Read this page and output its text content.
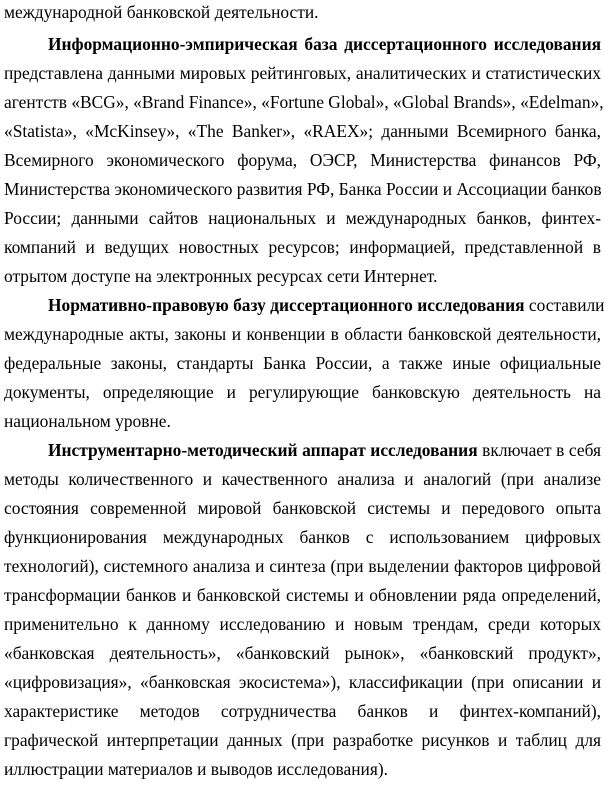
международной банковской деятельности.
Информационно-эмпирическая база диссертационного исследования
представлена данными мировых рейтинговых, аналитических и статистических
агентств «BCG», «Brand Finance», «Fortune Global», «Global Brands», «Edelman»,
«Statista», «McKinsey», «The Banker», «RAEX»; данными Всемирного банка,
Всемирного экономического форума, ОЭСР, Министерства финансов РФ,
Министерства экономического развития РФ, Банка России и Ассоциации банков
России; данными сайтов национальных и международных банков, финтех-
компаний и ведущих новостных ресурсов; информацией, представленной в
отрытом доступе на электронных ресурсах сети Интернет.
Нормативно-правовую базу диссертационного исследования составили
международные акты, законы и конвенции в области банковской деятельности,
федеральные законы, стандарты Банка России, а также иные официальные
документы, определяющие и регулирующие банковскую деятельность на
национальном уровне.
Инструментарно-методический аппарат исследования включает в себя
методы количественного и качественного анализа и аналогий (при анализе
состояния современной мировой банковской системы и передового опыта
функционирования международных банков с использованием цифровых
технологий), системного анализа и синтеза (при выделении факторов цифровой
трансформации банков и банковской системы и обновлении ряда определений,
применительно к данному исследованию и новым трендам, среди которых
«банковская деятельность», «банковский рынок», «банковский продукт»,
«цифровизация», «банковская экосистема»), классификации (при описании и
характеристике методов сотрудничества банков и финтех-компаний),
графической интерпретации данных (при разработке рисунков и таблиц для
иллюстрации материалов и выводов исследования).
